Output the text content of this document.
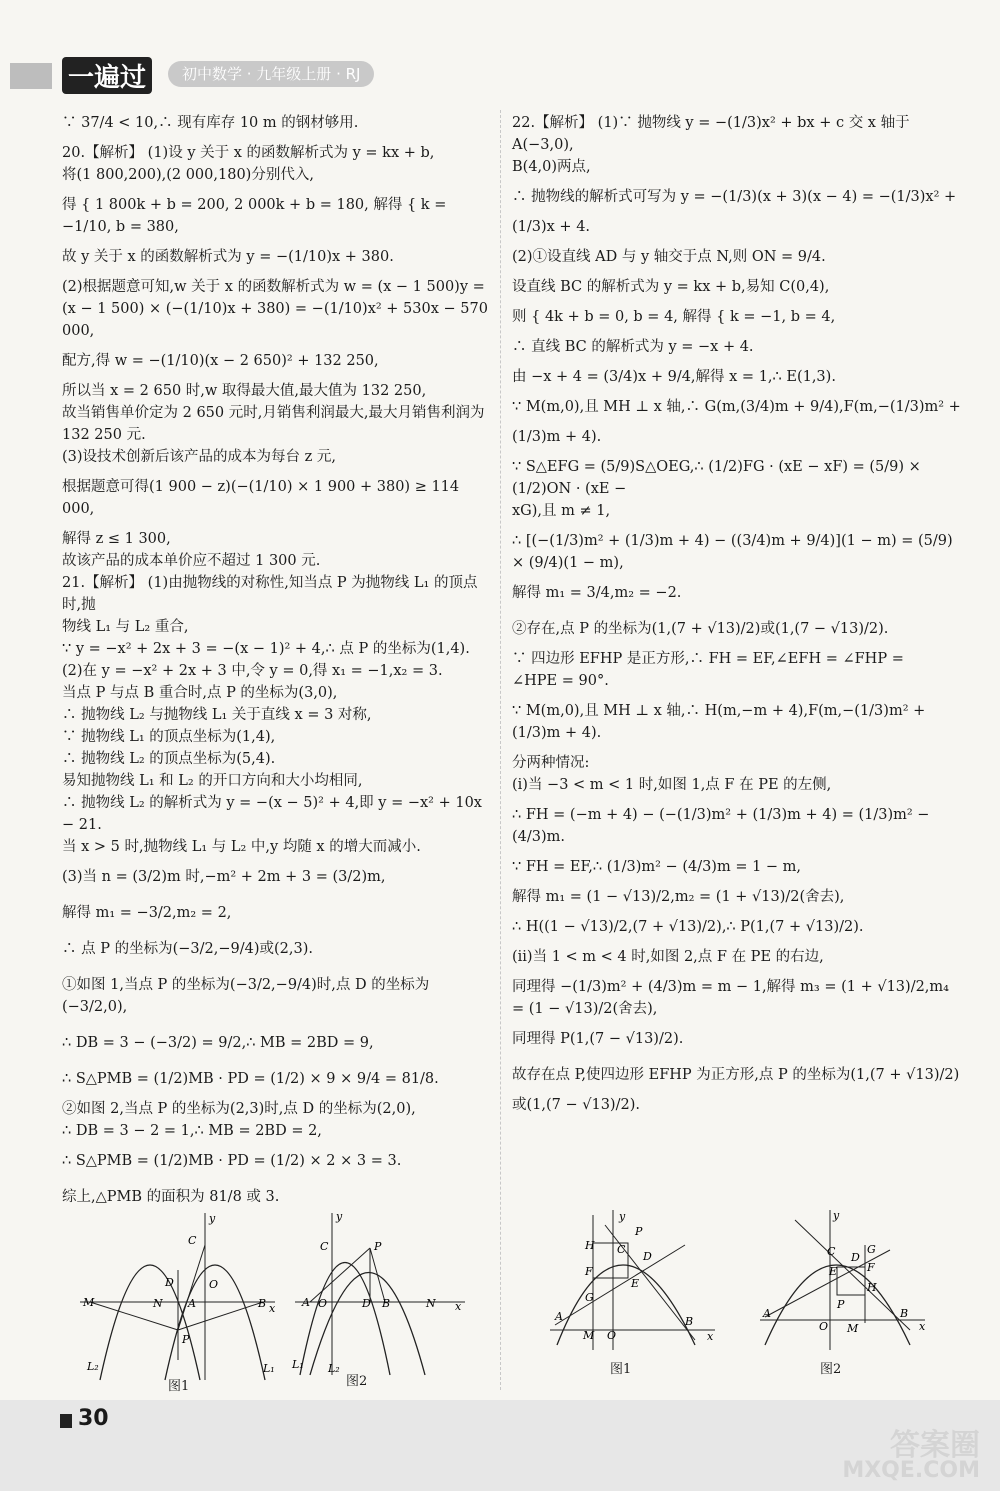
一遍过	初中数学 · 九年级上册 · RJ

∵ 37/4 < 10,∴ 现有库存 10 m 的钢材够用.

20.【解析】 (1)设 y 关于 x 的函数解析式为 y = kx + b,

将(1 800,200),(2 000,180)分别代入,

得 { 1 800k + b = 200, 2 000k + b = 180, 解得 { k = −1/10, b = 380,

故 y 关于 x 的函数解析式为 y = −(1/10)x + 380.

(2)根据题意可知,w 关于 x 的函数解析式为 w = (x − 1 500)y =

(x − 1 500) × (−(1/10)x + 380) = −(1/10)x² + 530x − 570 000,

配方,得 w = −(1/10)(x − 2 650)² + 132 250,

所以当 x = 2 650 时,w 取得最大值,最大值为 132 250,

故当销售单价定为 2 650 元时,月销售利润最大,最大月销售利润为

132 250 元.

(3)设技术创新后该产品的成本为每台 z 元,

根据题意可得(1 900 − z)(−(1/10) × 1 900 + 380) ≥ 114 000,

解得 z ≤ 1 300,

故该产品的成本单价应不超过 1 300 元.

21.【解析】 (1)由抛物线的对称性,知当点 P 为抛物线 L₁ 的顶点时,抛

物线 L₁ 与 L₂ 重合,

∵ y = −x² + 2x + 3 = −(x − 1)² + 4,∴ 点 P 的坐标为(1,4).

(2)在 y = −x² + 2x + 3 中,令 y = 0,得 x₁ = −1,x₂ = 3.

当点 P 与点 B 重合时,点 P 的坐标为(3,0),

∴ 抛物线 L₂ 与抛物线 L₁ 关于直线 x = 3 对称,

∵ 抛物线 L₁ 的顶点坐标为(1,4),

∴ 抛物线 L₂ 的顶点坐标为(5,4).

易知抛物线 L₁ 和 L₂ 的开口方向和大小均相同,

∴ 抛物线 L₂ 的解析式为 y = −(x − 5)² + 4,即 y = −x² + 10x − 21.

当 x > 5 时,抛物线 L₁ 与 L₂ 中,y 均随 x 的增大而减小.

(3)当 n = (3/2)m 时,−m² + 2m + 3 = (3/2)m,

解得 m₁ = −3/2,m₂ = 2,

∴ 点 P 的坐标为(−3/2,−9/4)或(2,3).

①如图 1,当点 P 的坐标为(−3/2,−9/4)时,点 D 的坐标为(−3/2,0),

∴ DB = 3 − (−3/2) = 9/2,∴ MB = 2BD = 9,

∴ S△PMB = (1/2)MB · PD = (1/2) × 9 × 9/4 = 81/8.

②如图 2,当点 P 的坐标为(2,3)时,点 D 的坐标为(2,0),

∴ DB = 3 − 2 = 1,∴ MB = 2BD = 2,

∴ S△PMB = (1/2)MB · PD = (1/2) × 2 × 3 = 3.

综上,△PMB 的面积为 81/8 或 3.

22.【解析】 (1)∵ 抛物线 y = −(1/3)x² + bx + c 交 x 轴于 A(−3,0),

B(4,0)两点,

∴ 抛物线的解析式可写为 y = −(1/3)(x + 3)(x − 4) = −(1/3)x² +

(1/3)x + 4.

(2)①设直线 AD 与 y 轴交于点 N,则 ON = 9/4.

设直线 BC 的解析式为 y = kx + b,易知 C(0,4),

则 { 4k + b = 0, b = 4, 解得 { k = −1, b = 4,

∴ 直线 BC 的解析式为 y = −x + 4.

由 −x + 4 = (3/4)x + 9/4,解得 x = 1,∴ E(1,3).

∵ M(m,0),且 MH ⊥ x 轴,∴ G(m,(3/4)m + 9/4),F(m,−(1/3)m² +

(1/3)m + 4).

∵ S△EFG = (5/9)S△OEG,∴ (1/2)FG · (xE − xF) = (5/9) × (1/2)ON · (xE −

xG),且 m ≠ 1,

∴ [(−(1/3)m² + (1/3)m + 4) − ((3/4)m + 9/4)](1 − m) = (5/9) × (9/4)(1 − m),

解得 m₁ = 3/4,m₂ = −2.

②存在,点 P 的坐标为(1,(7 + √13)/2)或(1,(7 − √13)/2).

∵ 四边形 EFHP 是正方形,∴ FH = EF,∠EFH = ∠FHP =

∠HPE = 90°.

∵ M(m,0),且 MH ⊥ x 轴,∴ H(m,−m + 4),F(m,−(1/3)m² + (1/3)m + 4).

分两种情况:

(i)当 −3 < m < 1 时,如图 1,点 F 在 PE 的左侧,

∴ FH = (−m + 4) − (−(1/3)m² + (1/3)m + 4) = (1/3)m² − (4/3)m.

∵ FH = EF,∴ (1/3)m² − (4/3)m = 1 − m,

解得 m₁ = (1 − √13)/2,m₂ = (1 + √13)/2(舍去),

∴ H((1 − √13)/2,(7 + √13)/2),∴ P(1,(7 + √13)/2).

(ii)当 1 < m < 4 时,如图 2,点 F 在 PE 的右边,

同理得 −(1/3)m² + (4/3)m = m − 1,解得 m₃ = (1 + √13)/2,m₄ = (1 − √13)/2(舍去),

同理得 P(1,(7 − √13)/2).

故存在点 P,使四边形 EFHP 为正方形,点 P 的坐标为(1,(7 + √13)/2)

或(1,(7 − √13)/2).

y
C
D	O
M	N A	B x
P
L₂	L₁
图1
y
C	P
A O	D B	N x
L₁ L₂
图2
y
P
H C
D
F
G
E
A
M O
B
x
图1
y
C	G
D
F
E
H
P
A
O M
B
x
图2
30
答案圈
MXQE.COM
